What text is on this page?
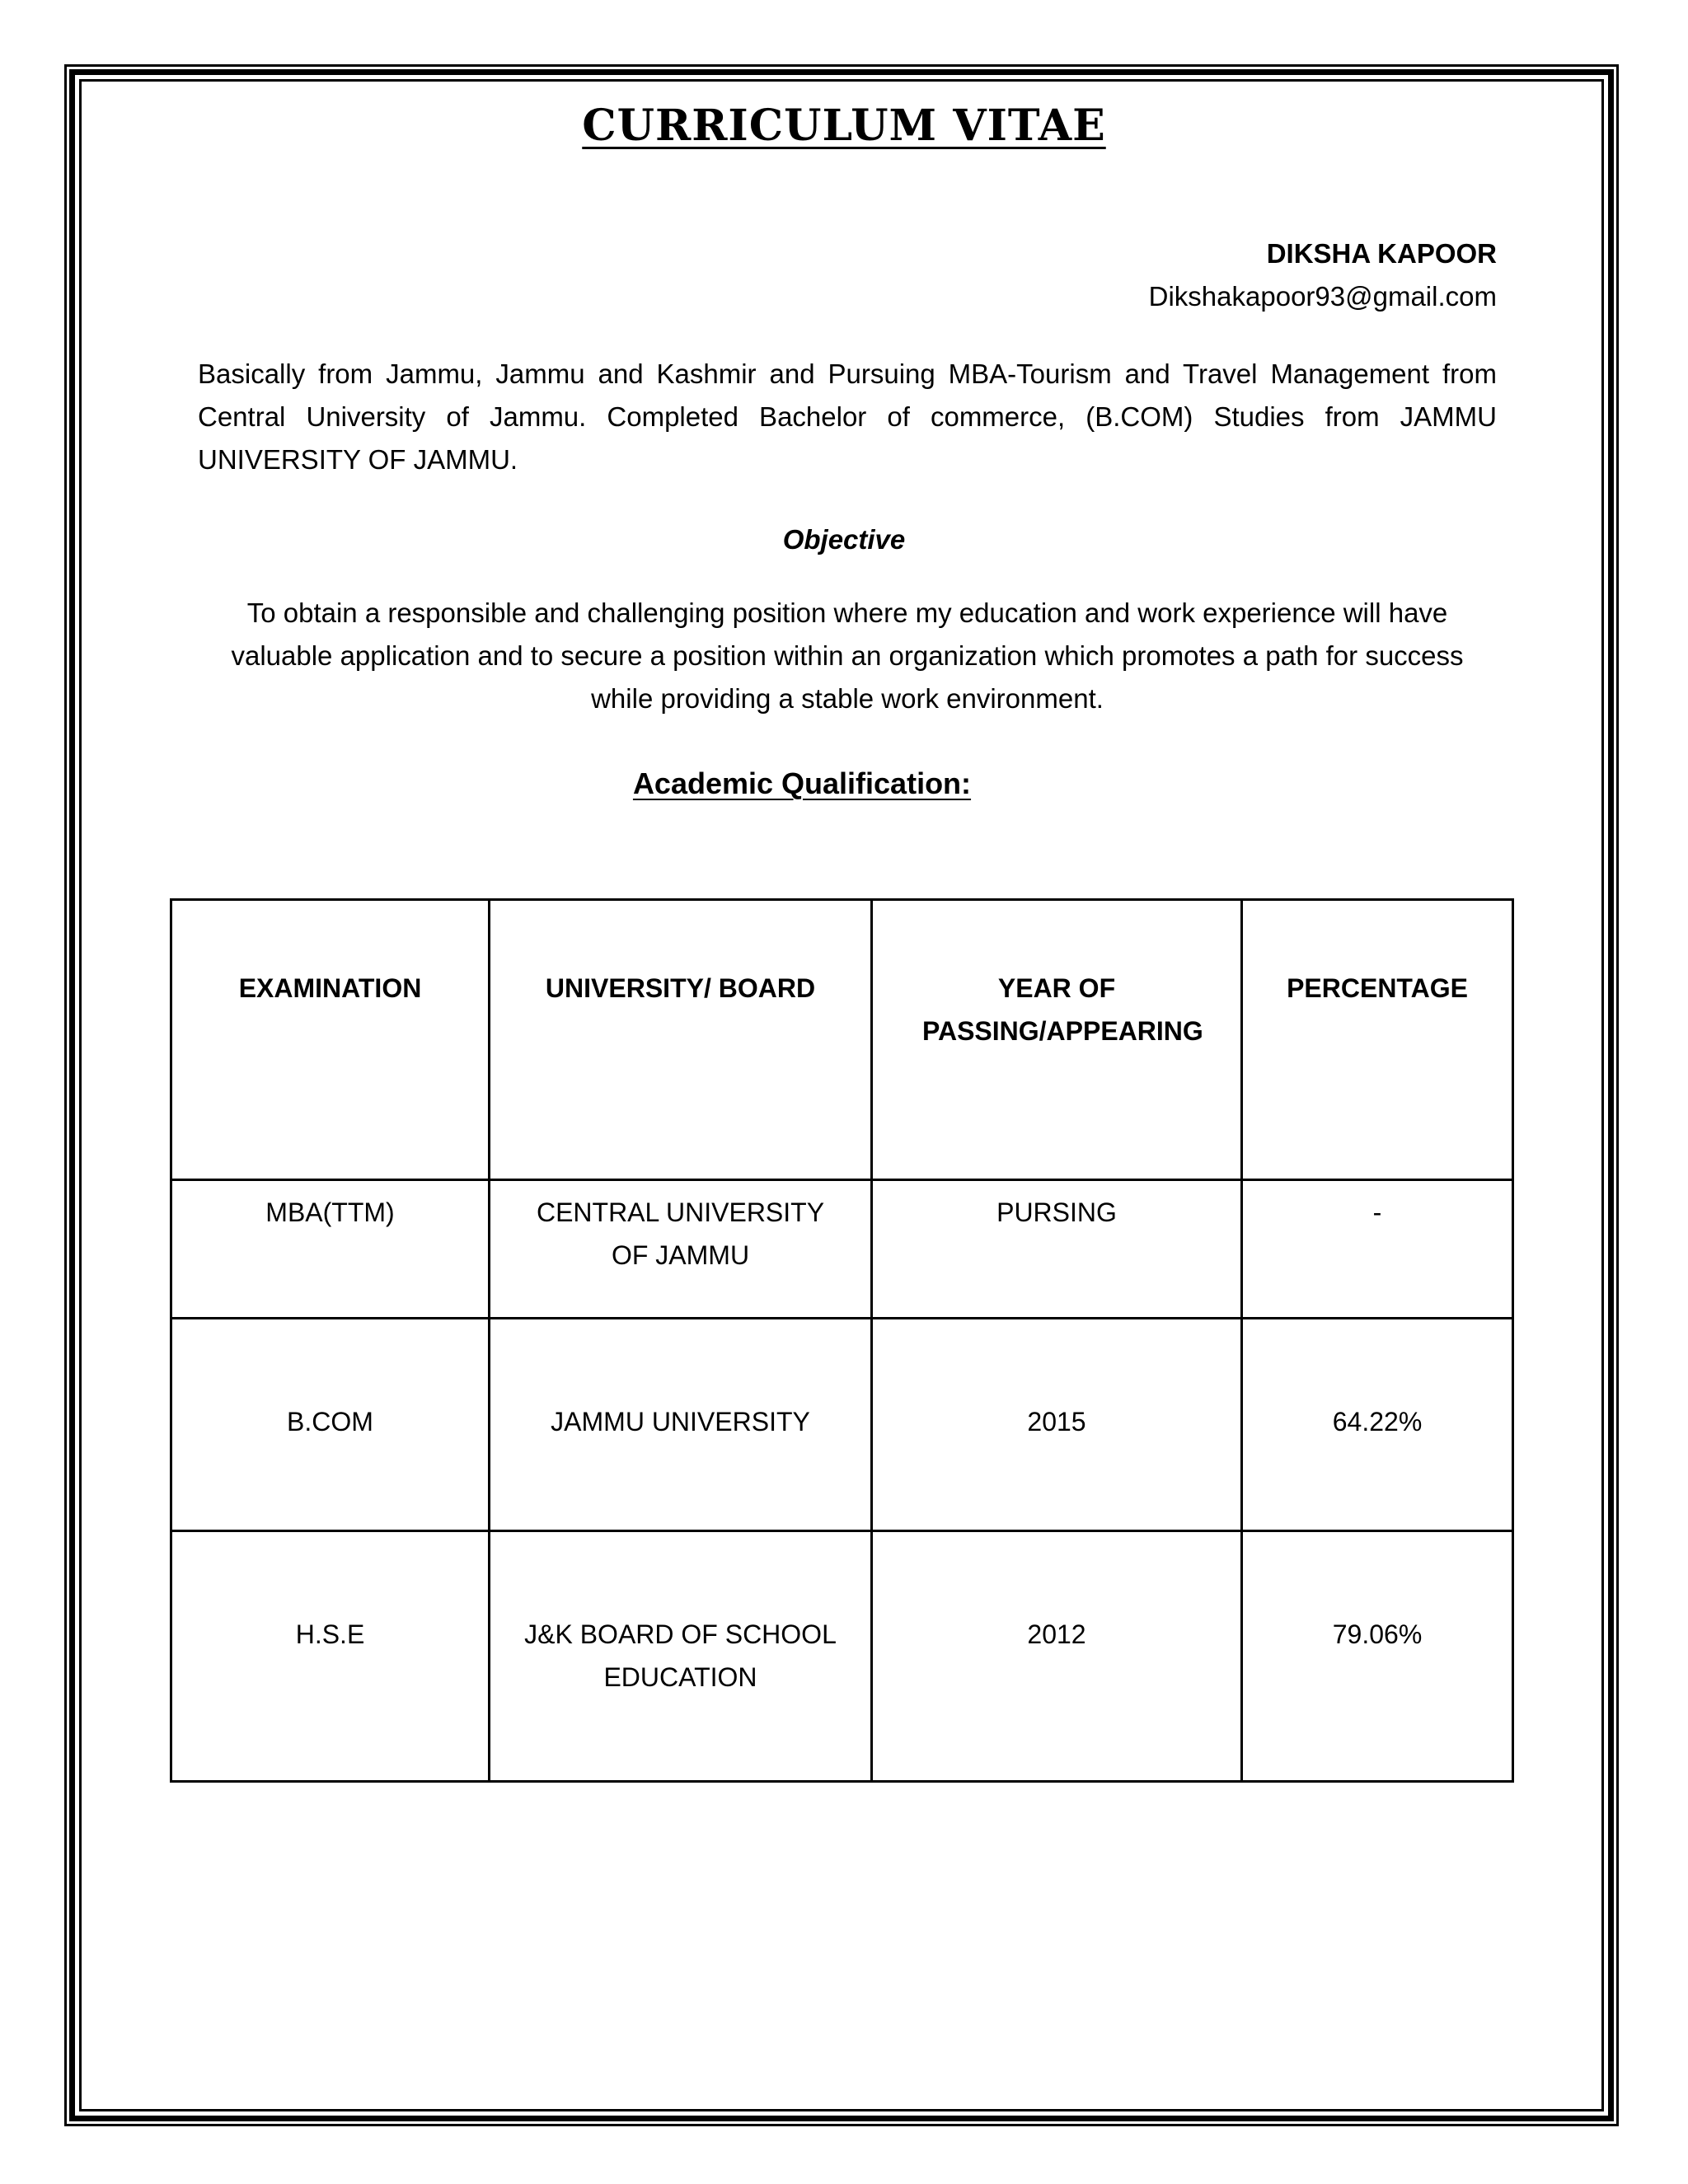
CURRICULUM VITAE
DIKSHA KAPOOR
Dikshakapoor93@gmail.com
Basically from Jammu, Jammu and Kashmir and Pursuing MBA-Tourism and Travel Management from Central University of Jammu. Completed Bachelor of commerce, (B.COM) Studies from JAMMU UNIVERSITY OF JAMMU.
Objective
To obtain a responsible and challenging position where my education and work experience will have valuable application and to secure a position within an organization which promotes a path for success while providing a stable work environment.
Academic Qualification:
EXAMINATION	UNIVERSITY/ BOARD	YEAR OF PASSING/APPEARING	PERCENTAGE
MBA(TTM)	CENTRAL UNIVERSITY OF JAMMU	PURSING	-
B.COM	JAMMU UNIVERSITY	2015	64.22%
H.S.E	J&K BOARD OF SCHOOL EDUCATION	2012	79.06%
